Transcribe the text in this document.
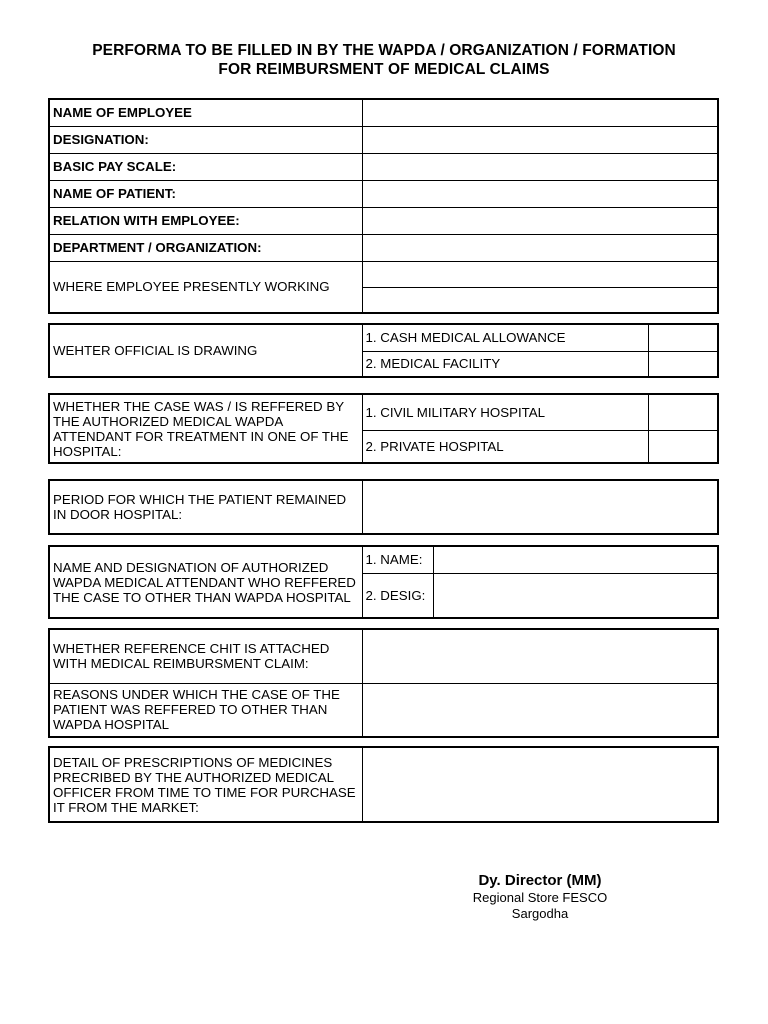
PERFORMA TO BE FILLED IN BY THE WAPDA / ORGANIZATION / FORMATION
FOR REIMBURSMENT OF MEDICAL CLAIMS
NAME OF EMPLOYEE	
DESIGNATION:	
BASIC PAY SCALE:	
NAME OF PATIENT:	
RELATION WITH EMPLOYEE:	
DEPARTMENT / ORGANIZATION:	
WHERE EMPLOYEE PRESENTLY WORKING	

WEHTER OFFICIAL IS DRAWING	1. CASH MEDICAL ALLOWANCE	
	2. MEDICAL FACILITY	
WHETHER THE CASE WAS / IS REFFERED BY THE AUTHORIZED MEDICAL WAPDA ATTENDANT FOR TREATMENT IN ONE OF THE HOSPITAL:	1. CIVIL MILITARY HOSPITAL	
	2. PRIVATE HOSPITAL	
PERIOD FOR WHICH THE PATIENT REMAINED IN DOOR HOSPITAL:	
NAME AND DESIGNATION OF AUTHORIZED WAPDA MEDICAL ATTENDANT WHO REFFERED THE CASE TO OTHER THAN WAPDA HOSPITAL	1. NAME:	
	2. DESIG:	
WHETHER REFERENCE CHIT IS ATTACHED WITH MEDICAL REIMBURSMENT CLAIM:	
REASONS UNDER WHICH THE CASE OF THE PATIENT WAS REFFERED TO OTHER THAN WAPDA HOSPITAL	
DETAIL OF PRESCRIPTIONS OF MEDICINES PRECRIBED BY THE AUTHORIZED MEDICAL OFFICER FROM TIME TO TIME FOR PURCHASE IT FROM THE MARKET:	
Dy. Director (MM)
Regional Store FESCO
Sargodha
